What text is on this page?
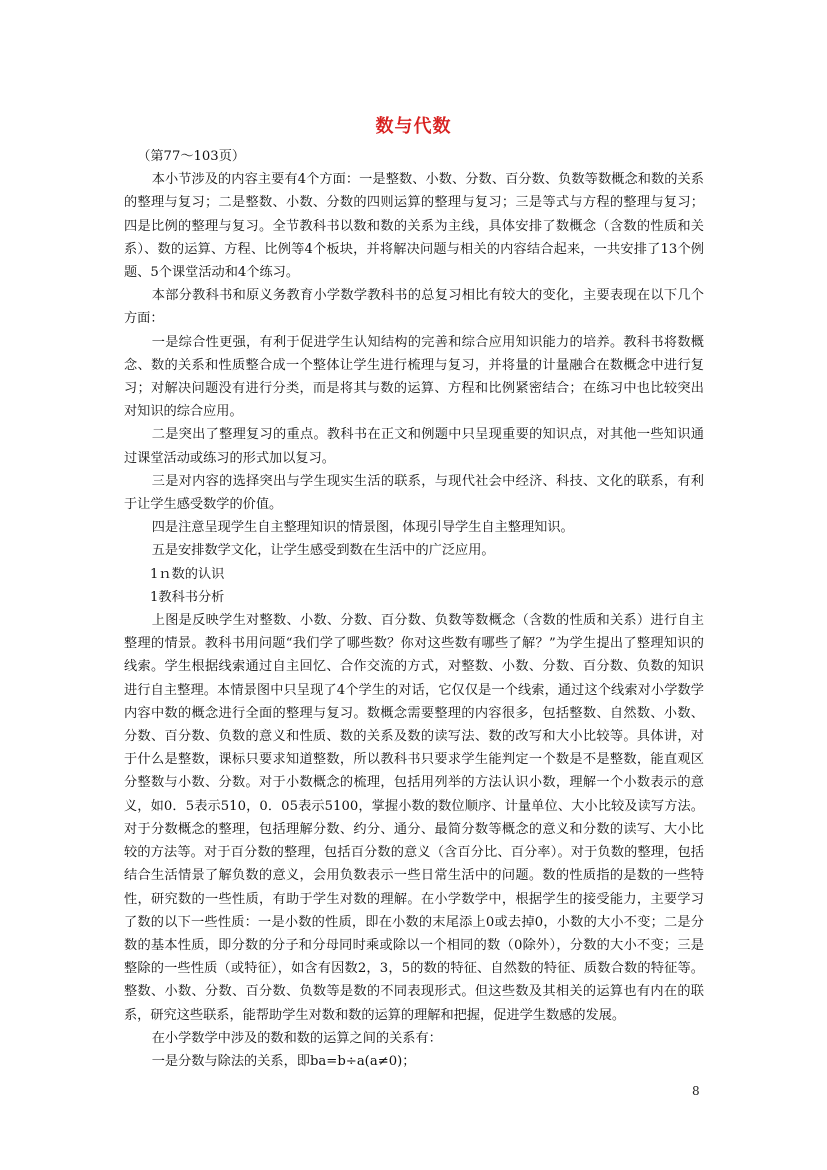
数与代数

（第77～103页）

本小节涉及的内容主要有4个方面：一是整数、小数、分数、百分数、负数等数概念和数的关系的整理与复习；二是整数、小数、分数的四则运算的整理与复习；三是等式与方程的整理与复习；四是比例的整理与复习。全节教科书以数和数的关系为主线，具体安排了数概念（含数的性质和关系）、数的运算、方程、比例等4个板块，并将解决问题与相关的内容结合起来，一共安排了13个例题、5个课堂活动和4个练习。

本部分教科书和原义务教育小学数学教科书的总复习相比有较大的变化，主要表现在以下几个方面：

一是综合性更强，有利于促进学生认知结构的完善和综合应用知识能力的培养。教科书将数概念、数的关系和性质整合成一个整体让学生进行梳理与复习，并将量的计量融合在数概念中进行复习；对解决问题没有进行分类，而是将其与数的运算、方程和比例紧密结合；在练习中也比较突出对知识的综合应用。

二是突出了整理复习的重点。教科书在正文和例题中只呈现重要的知识点，对其他一些知识通过课堂活动或练习的形式加以复习。

三是对内容的选择突出与学生现实生活的联系，与现代社会中经济、科技、文化的联系，有利于让学生感受数学的价值。

四是注意呈现学生自主整理知识的情景图，体现引导学生自主整理知识。

五是安排数学文化，让学生感受到数在生活中的广泛应用。

1ｎ数的认识

1教科书分析

上图是反映学生对整数、小数、分数、百分数、负数等数概念（含数的性质和关系）进行自主整理的情景。教科书用问题“我们学了哪些数？你对这些数有哪些了解？”为学生提出了整理知识的线索。学生根据线索通过自主回忆、合作交流的方式，对整数、小数、分数、百分数、负数的知识进行自主整理。本情景图中只呈现了4个学生的对话，它仅仅是一个线索，通过这个线索对小学数学内容中数的概念进行全面的整理与复习。数概念需要整理的内容很多，包括整数、自然数、小数、分数、百分数、负数的意义和性质、数的关系及数的读写法、数的改写和大小比较等。具体讲，对于什么是整数，课标只要求知道整数，所以教科书只要求学生能判定一个数是不是整数，能直观区分整数与小数、分数。对于小数概念的梳理，包括用列举的方法认识小数，理解一个小数表示的意义，如0．5表示510，0．05表示5100，掌握小数的数位顺序、计量单位、大小比较及读写方法。对于分数概念的整理，包括理解分数、约分、通分、最简分数等概念的意义和分数的读写、大小比较的方法等。对于百分数的整理，包括百分数的意义（含百分比、百分率）。对于负数的整理，包括结合生活情景了解负数的意义，会用负数表示一些日常生活中的问题。数的性质指的是数的一些特性，研究数的一些性质，有助于学生对数的理解。在小学数学中，根据学生的接受能力，主要学习了数的以下一些性质：一是小数的性质，即在小数的末尾添上0或去掉0，小数的大小不变；二是分数的基本性质，即分数的分子和分母同时乘或除以一个相同的数（0除外），分数的大小不变；三是整除的一些性质（或特征），如含有因数2，3，5的数的特征、自然数的特征、质数合数的特征等。整数、小数、分数、百分数、负数等是数的不同表现形式。但这些数及其相关的运算也有内在的联系，研究这些联系，能帮助学生对数和数的运算的理解和把握，促进学生数感的发展。

在小学数学中涉及的数和数的运算之间的关系有：

一是分数与除法的关系，即ba=b÷a(a≠0)；

8
